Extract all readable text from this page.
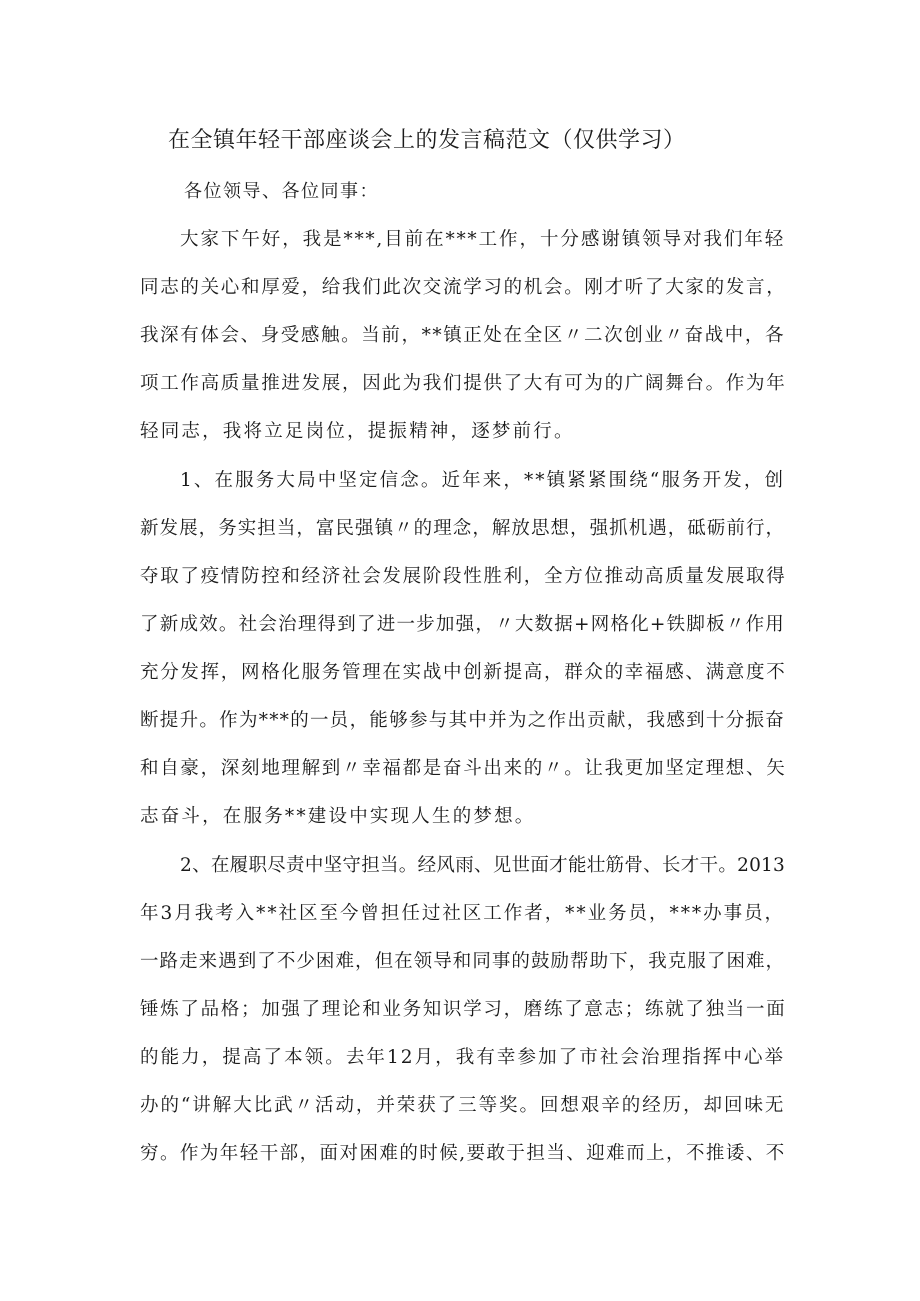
在全镇年轻干部座谈会上的发言稿范文（仅供学习）

各位领导、各位同事：

大家下午好，我是***,目前在***工作，十分感谢镇领导对我们年轻

同志的关心和厚爱，给我们此次交流学习的机会。刚才听了大家的发言，

我深有体会、身受感触。当前，**镇正处在全区〃二次创业〃奋战中，各

项工作高质量推进发展，因此为我们提供了大有可为的广阔舞台。作为年

轻同志，我将立足岗位，提振精神，逐梦前行。

1、在服务大局中坚定信念。近年来，**镇紧紧围绕“服务开发，创

新发展，务实担当，富民强镇〃的理念，解放思想，强抓机遇，砥砺前行，

夺取了疫情防控和经济社会发展阶段性胜利，全方位推动高质量发展取得

了新成效。社会治理得到了进一步加强，〃大数据+网格化+铁脚板〃作用

充分发挥，网格化服务管理在实战中创新提高，群众的幸福感、满意度不

断提升。作为***的一员，能够参与其中并为之作出贡献，我感到十分振奋

和自豪，深刻地理解到〃幸福都是奋斗出来的〃。让我更加坚定理想、矢

志奋斗，在服务**建设中实现人生的梦想。

2、在履职尽责中坚守担当。经风雨、见世面才能壮筋骨、长才干。2013

年3月我考入**社区至今曾担任过社区工作者，**业务员，***办事员，

一路走来遇到了不少困难，但在领导和同事的鼓励帮助下，我克服了困难，

锤炼了品格；加强了理论和业务知识学习，磨练了意志；练就了独当一面

的能力，提高了本领。去年12月，我有幸参加了市社会治理指挥中心举

办的“讲解大比武〃活动，并荣获了三等奖。回想艰辛的经历，却回味无

穷。作为年轻干部，面对困难的时候,要敢于担当、迎难而上，不推诿、不
